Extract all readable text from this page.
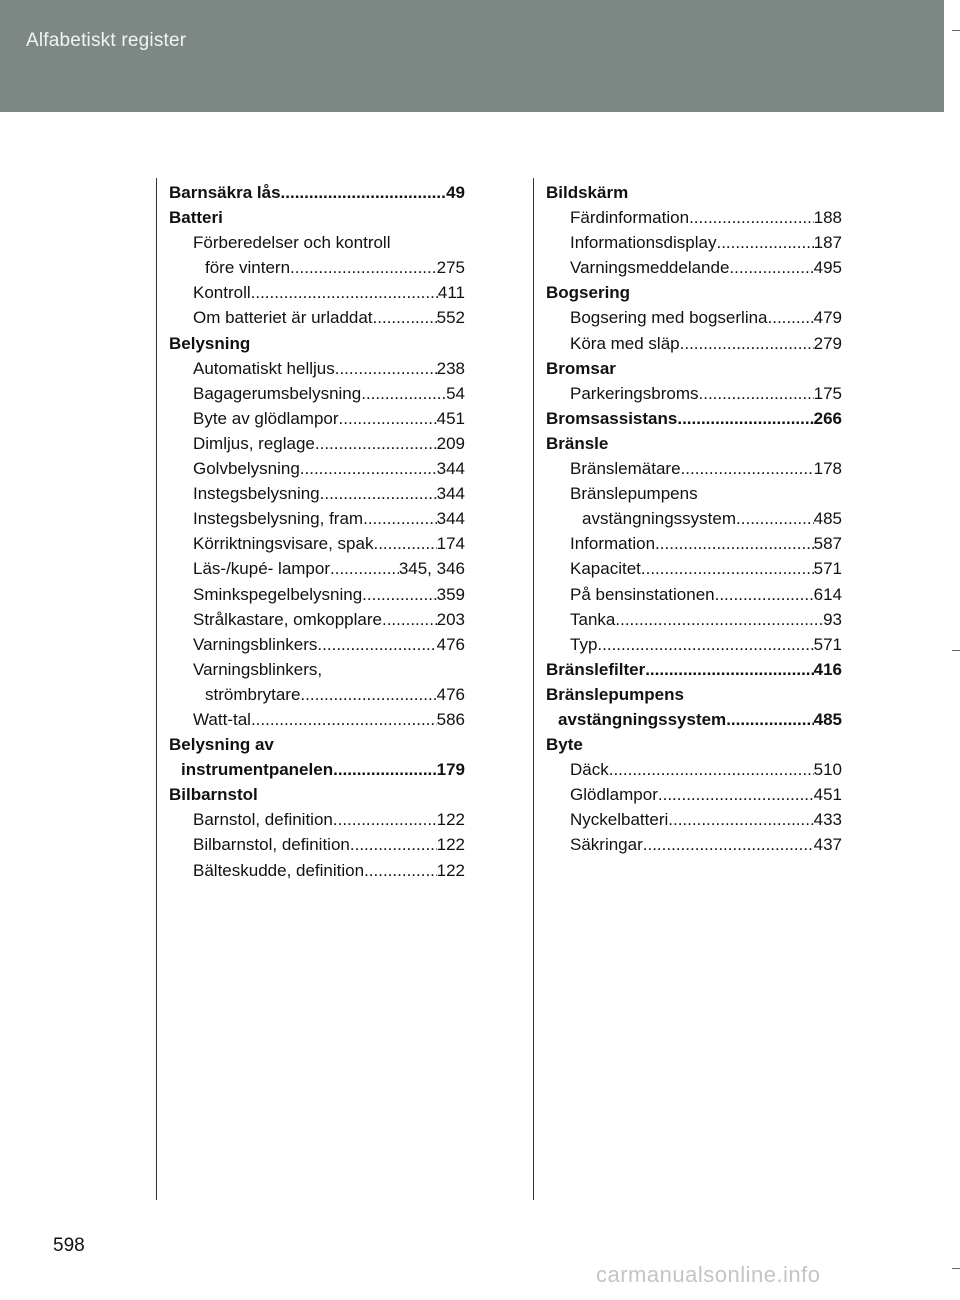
Alfabetiskt register
Barnsäkra lås .....	49
Batteri
Förberedelser och kontroll
före vintern .....	275
Kontroll .....	411
Om batteriet är urladdat .....	552
Belysning
Automatiskt helljus .....	238
Bagagerumsbelysning .....	54
Byte av glödlampor .....	451
Dimljus, reglage .....	209
Golvbelysning .....	344
Instegsbelysning .....	344
Instegsbelysning, fram .....	344
Körriktningsvisare, spak .....	174
Läs-/kupé- lampor .....	345, 346
Sminkspegelbelysning .....	359
Strålkastare, omkopplare .....	203
Varningsblinkers .....	476
Varningsblinkers,
strömbrytare .....	476
Watt-tal .....	586
Belysning av
instrumentpanelen .....	179
Bilbarnstol
Barnstol, definition .....	122
Bilbarnstol, definition .....	122
Bälteskudde, definition .....	122
Bildskärm
Färdinformation .....	188
Informationsdisplay .....	187
Varningsmeddelande .....	495
Bogsering
Bogsering med bogserlina .....	479
Köra med släp .....	279
Bromsar
Parkeringsbroms .....	175
Bromsassistans .....	266
Bränsle
Bränslemätare .....	178
Bränslepumpens
avstängningssystem .....	485
Information .....	587
Kapacitet .....	571
På bensinstationen .....	614
Tanka .....	93
Typ .....	571
Bränslefilter .....	416
Bränslepumpens
avstängningssystem .....	485
Byte
Däck .....	510
Glödlampor .....	451
Nyckelbatteri .....	433
Säkringar .....	437
598
carmanualsonline.info
